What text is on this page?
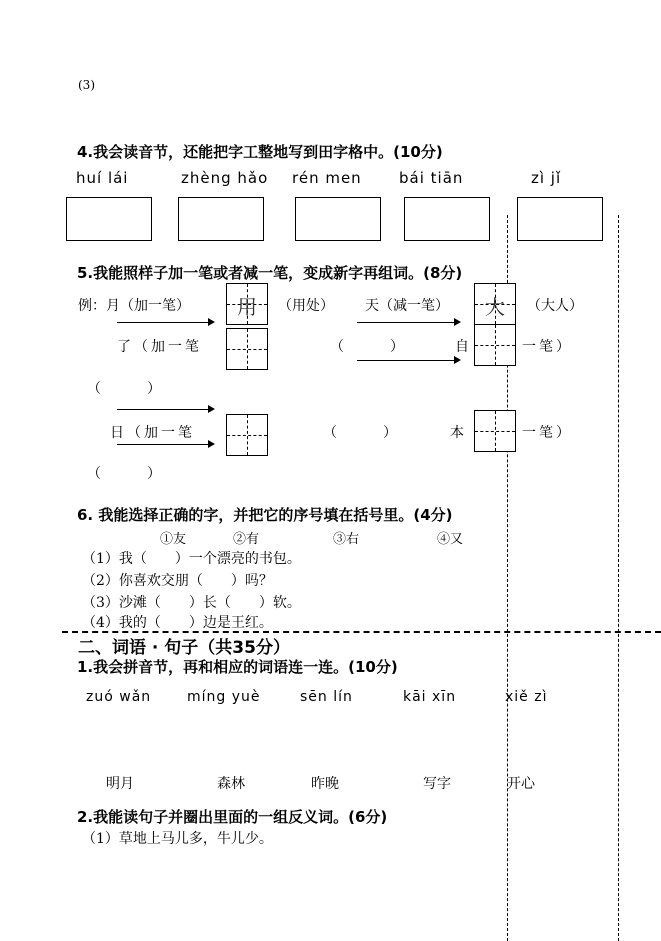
(3)
4.我会读音节，还能把字工整地写到田字格中。(10分)
huí lái	zhèng hǎo rén men bái tiān	zì jǐ
5.我能照样子加一笔或者减一笔，变成新字再组词。(8分)
例：月（加一笔）	用	（用处） 天（减一笔）	大	（大人）
了（加一笔	（　　）	自	一笔）
（　　）
日（加一笔	（　　）	本	一笔）
（　　）
6. 我能选择正确的字，并把它的序号填在括号里。(4分)
①友	②有	③右	④又
（1）我（　　）一个漂亮的书包。
（2）你喜欢交朋（　　）吗？
（3）沙滩（　　）长（　　）软。
（4）我的（　　）边是王红。
二、词语 · 句子（共35分）
1.我会拼音节，再和相应的词语连一连。(10分)
zuó wǎn	míng yuè	sēn lín	kāi xīn	xiě zì
明月	森林	昨晚	写字	开心
2.我能读句子并圈出里面的一组反义词。(6分)
（1）草地上马儿多，牛儿少。
